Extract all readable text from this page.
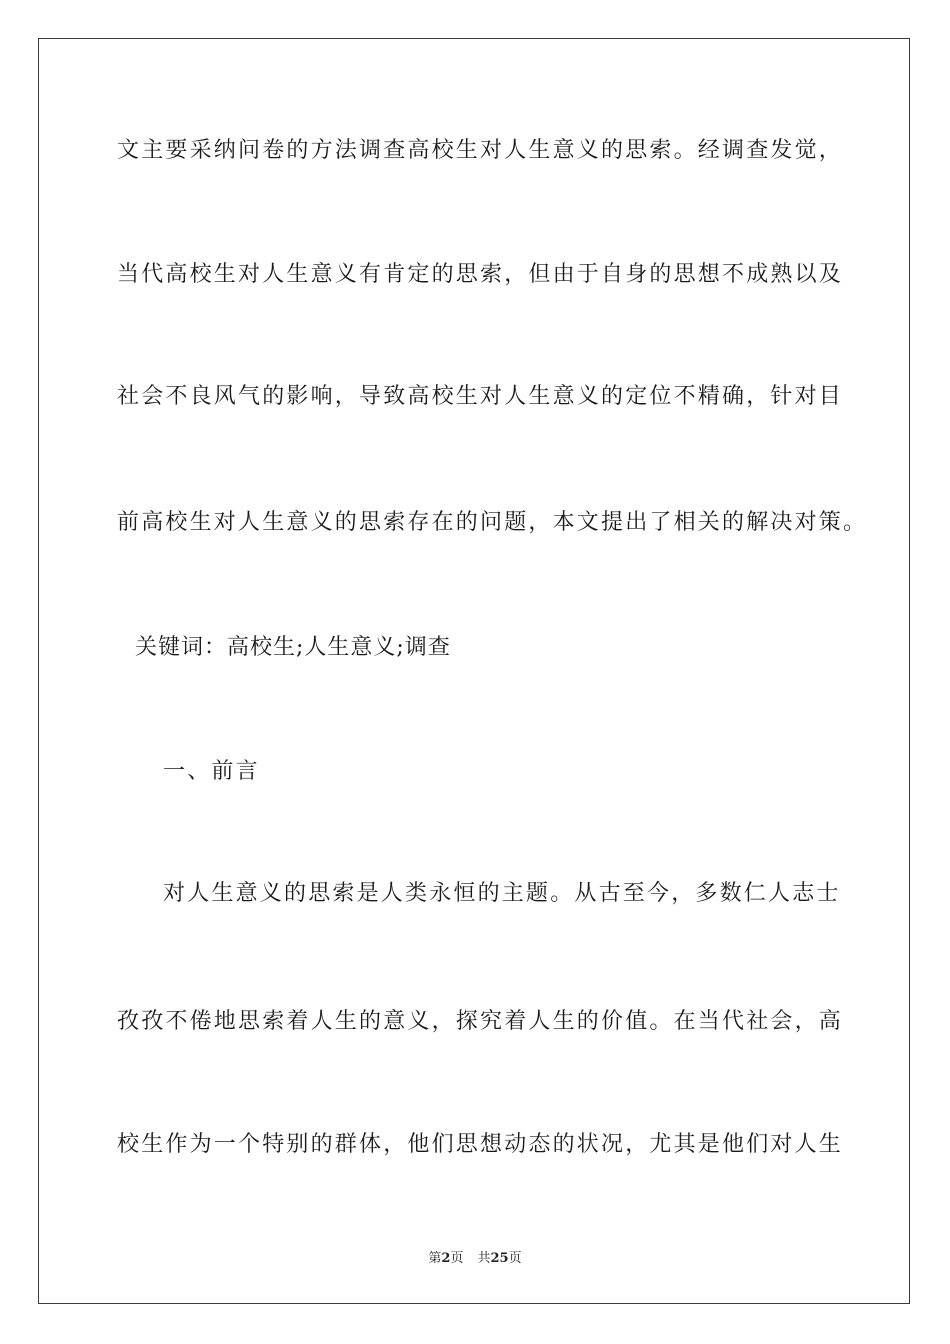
文主要采纳问卷的方法调查高校生对人生意义的思索。经调查发觉，
当代高校生对人生意义有肯定的思索，但由于自身的思想不成熟以及
社会不良风气的影响，导致高校生对人生意义的定位不精确，针对目
前高校生对人生意义的思索存在的问题，本文提出了相关的解决对策。
关键词：高校生;人生意义;调查
一、前言
对人生意义的思索是人类永恒的主题。从古至今，多数仁人志士
孜孜不倦地思索着人生的意义，探究着人生的价值。在当代社会，高
校生作为一个特别的群体，他们思想动态的状况，尤其是他们对人生
第2页 共25页
